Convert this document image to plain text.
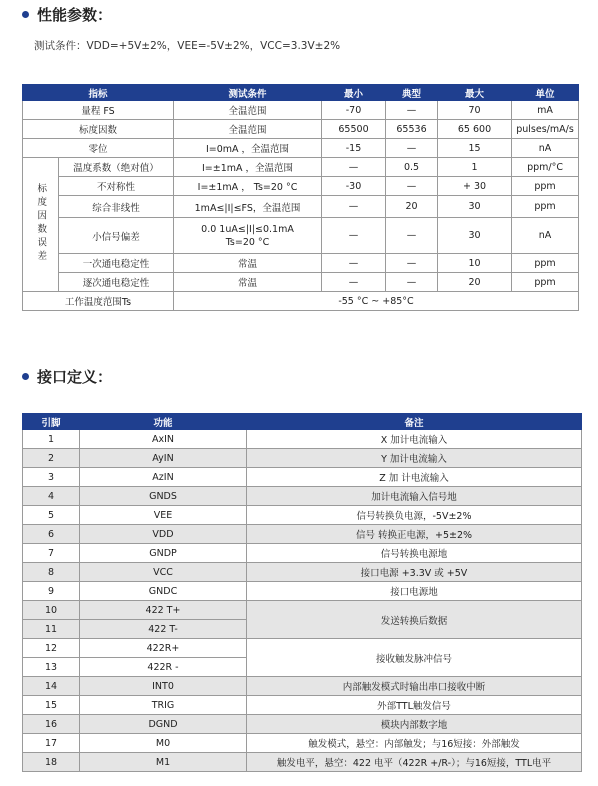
性能参数：
测试条件：VDD=+5V±2%，VEE=-5V±2%，VCC=3.3V±2%
指标		测试条件	最小	典型	最大	单位
量程 FS		全温范围	-70	—	70	mA
标度因数		全温范围	65500	65536	65 600	pulses/mA/s
零位		I=0mA ，全温范围	-15	—	15	nA
标度因数误差	温度系数（绝对值）	I=±1mA ，全温范围	—	0.5	1	ppm/°C
	不对称性	I=±1mA ， Ts=20 °C	-30	—	+ 30	ppm
	综合非线性	1mA≤|I|≤FS，全温范围	—	20	30	ppm
	小信号偏差	0.0 1uA≤|I|≤0.1mA
Ts=20 °C	—	—	30	nA
	一次通电稳定性	常温	—	—	10	ppm
	逐次通电稳定性	常温	—	—	20	ppm
工作温度范围Ts		-55 °C ~ +85°C				
接口定义：
引脚	功能	备注
1	AxIN	X 加计电流输入
2	AyIN	Y 加计电流输入
3	AzIN	Z 加 计电流输入
4	GNDS	加计电流输入信号地
5	VEE	信号转换负电源，-5V±2%
6	VDD	信号 转换正电源，+5±2%
7	GNDP	信号转换电源地
8	VCC	接口电源 +3.3V 或 +5V
9	GNDC	接口电源地
10	422 T+	发送转换后数据
11	422 T-	
12	422R+	接收触发脉冲信号
13	422R -	
14	INT0	内部触发模式时输出串口接收中断
15	TRIG	外部TTL触发信号
16	DGND	模块内部数字地
17	M0	触发模式，悬空：内部触发；与16短接：外部触发
18	M1	触发电平，悬空：422 电平（422R +/R-）；与16短接，TTL电平
